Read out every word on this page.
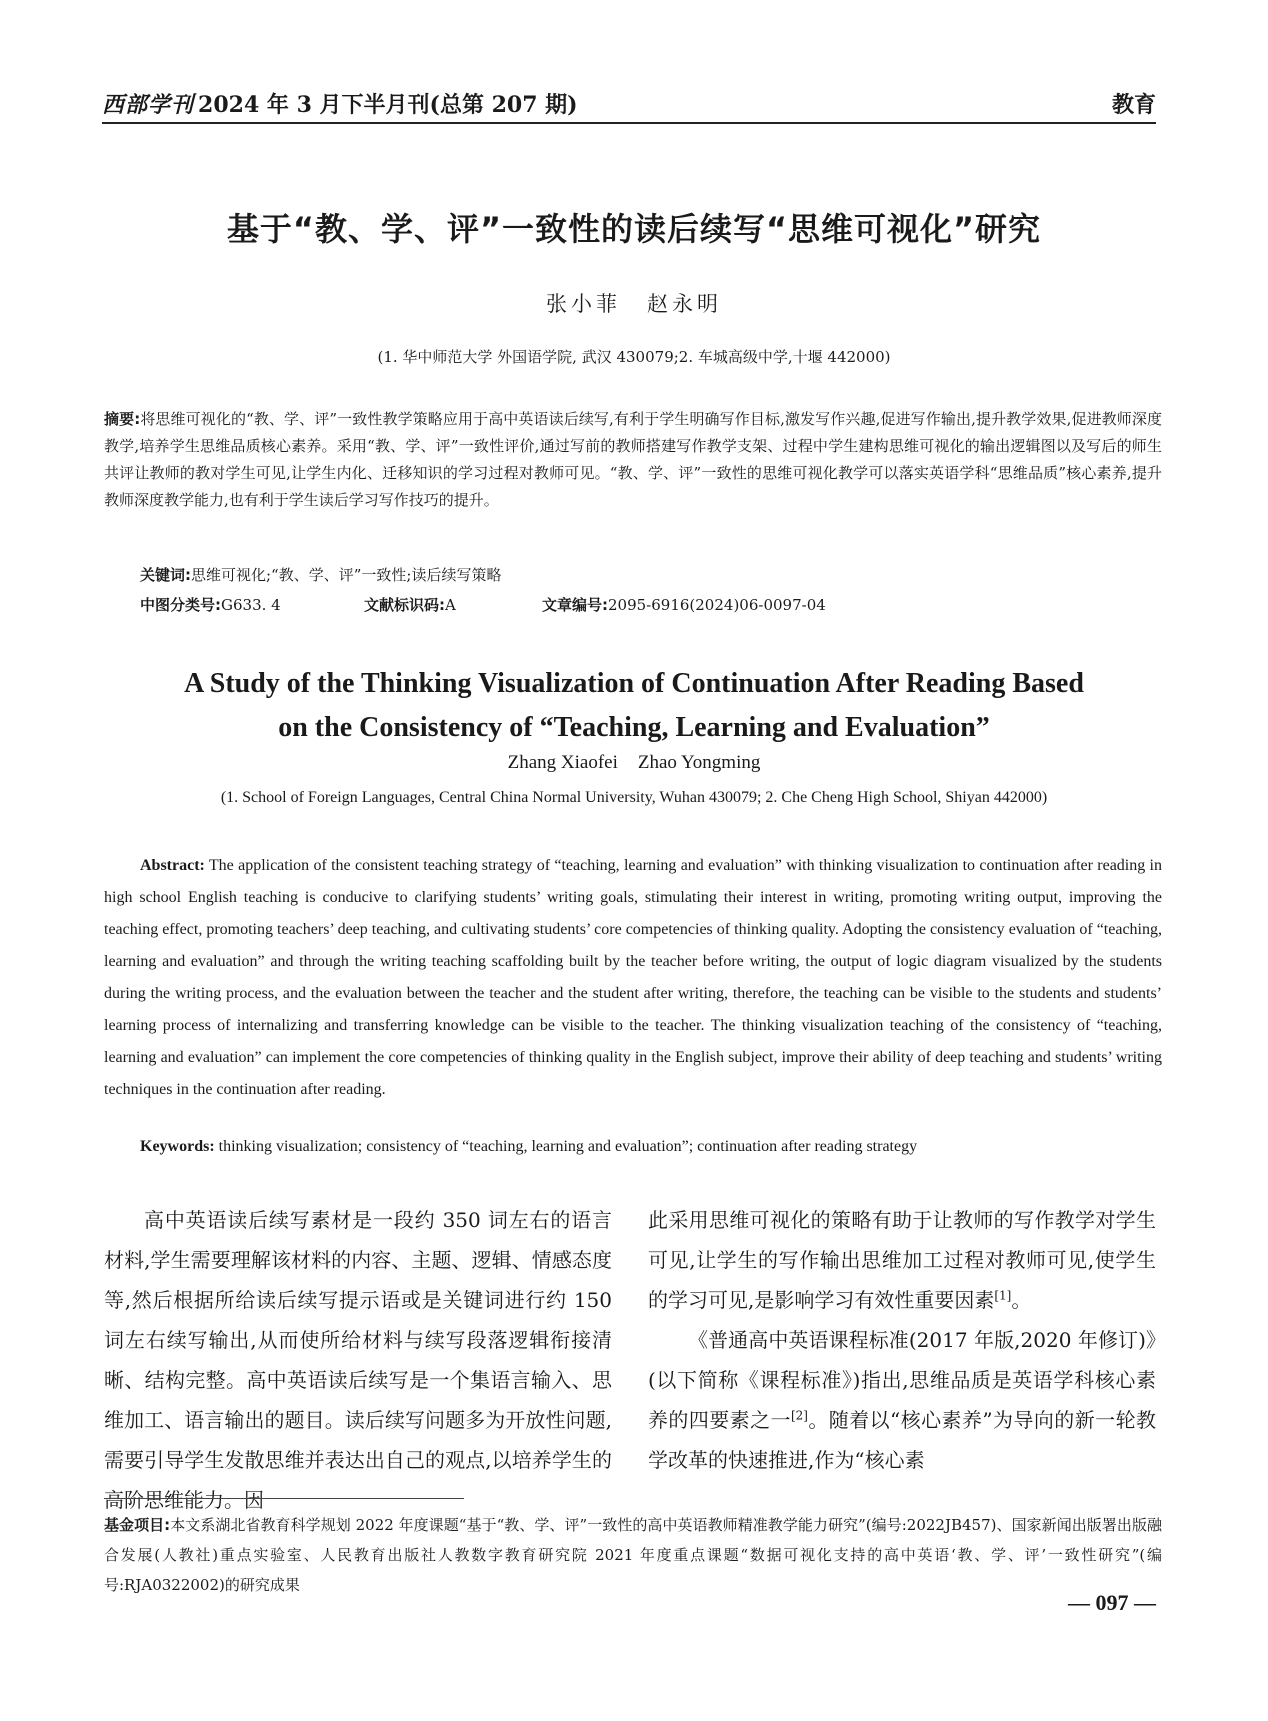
西部学刊 2024 年 3 月下半月刊(总第 207 期)	教育
基于“教、学、评”一致性的读后续写“思维可视化”研究
张小菲 赵永明
(1. 华中师范大学 外国语学院, 武汉 430079;2. 车城高级中学,十堰 442000)
摘要:将思维可视化的“教、学、评”一致性教学策略应用于高中英语读后续写,有利于学生明确写作目标,激发写作兴趣,促进写作输出,提升教学效果,促进教师深度教学,培养学生思维品质核心素养。采用“教、学、评”一致性评价,通过写前的教师搭建写作教学支架、过程中学生建构思维可视化的输出逻辑图以及写后的师生共评让教师的教对学生可见,让学生内化、迁移知识的学习过程对教师可见。“教、学、评”一致性的思维可视化教学可以落实英语学科“思维品质”核心素养,提升教师深度教学能力,也有利于学生读后学习写作技巧的提升。
关键词:思维可视化;“教、学、评”一致性;读后续写策略
中图分类号:G633. 4	文献标识码:A	文章编号:2095-6916(2024)06-0097-04
A Study of the Thinking Visualization of Continuation After Reading Based
on the Consistency of “Teaching, Learning and Evaluation”
Zhang Xiaofei Zhao Yongming
(1. School of Foreign Languages, Central China Normal University, Wuhan 430079; 2. Che Cheng High School, Shiyan 442000)
Abstract: The application of the consistent teaching strategy of “teaching, learning and evaluation” with thinking visualization to continuation after reading in high school English teaching is conducive to clarifying students’ writing goals, stimulating their interest in writing, promoting writing output, improving the teaching effect, promoting teachers’ deep teaching, and cultivating students’ core competencies of thinking quality. Adopting the consistency evaluation of “teaching, learning and evaluation” and through the writing teaching scaffolding built by the teacher before writing, the output of logic diagram visualized by the students during the writing process, and the evaluation between the teacher and the student after writing, therefore, the teaching can be visible to the students and students’ learning process of internalizing and transferring knowledge can be visible to the teacher. The thinking visualization teaching of the consistency of “teaching, learning and evaluation” can implement the core competencies of thinking quality in the English subject, improve their ability of deep teaching and students’ writing techniques in the continuation after reading.
Keywords: thinking visualization; consistency of “teaching, learning and evaluation”; continuation after reading strategy

高中英语读后续写素材是一段约 350 词左右的语言材料,学生需要理解该材料的内容、主题、逻辑、情感态度等,然后根据所给读后续写提示语或是关键词进行约 150 词左右续写输出,从而使所给材料与续写段落逻辑衔接清晰、结构完整。高中英语读后续写是一个集语言输入、思维加工、语言输出的题目。读后续写问题多为开放性问题,需要引导学生发散思维并表达出自己的观点,以培养学生的高阶思维能力。因

此采用思维可视化的策略有助于让教师的写作教学对学生可见,让学生的写作输出思维加工过程对教师可见,使学生的学习可见,是影响学习有效性重要因素[1]。

《普通高中英语课程标准(2017 年版,2020 年修订)》(以下简称《课程标准》)指出,思维品质是英语学科核心素养的四要素之一[2]。随着以“核心素养”为导向的新一轮教学改革的快速推进,作为“核心素

基金项目:本文系湖北省教育科学规划 2022 年度课题“基于“教、学、评”一致性的高中英语教师精准教学能力研究”(编号:2022JB457)、国家新闻出版署出版融合发展(人教社)重点实验室、人民教育出版社人教数字教育研究院 2021 年度重点课题“数据可视化支持的高中英语‘教、学、评’一致性研究”(编号:RJA0322002)的研究成果
— 097 —
